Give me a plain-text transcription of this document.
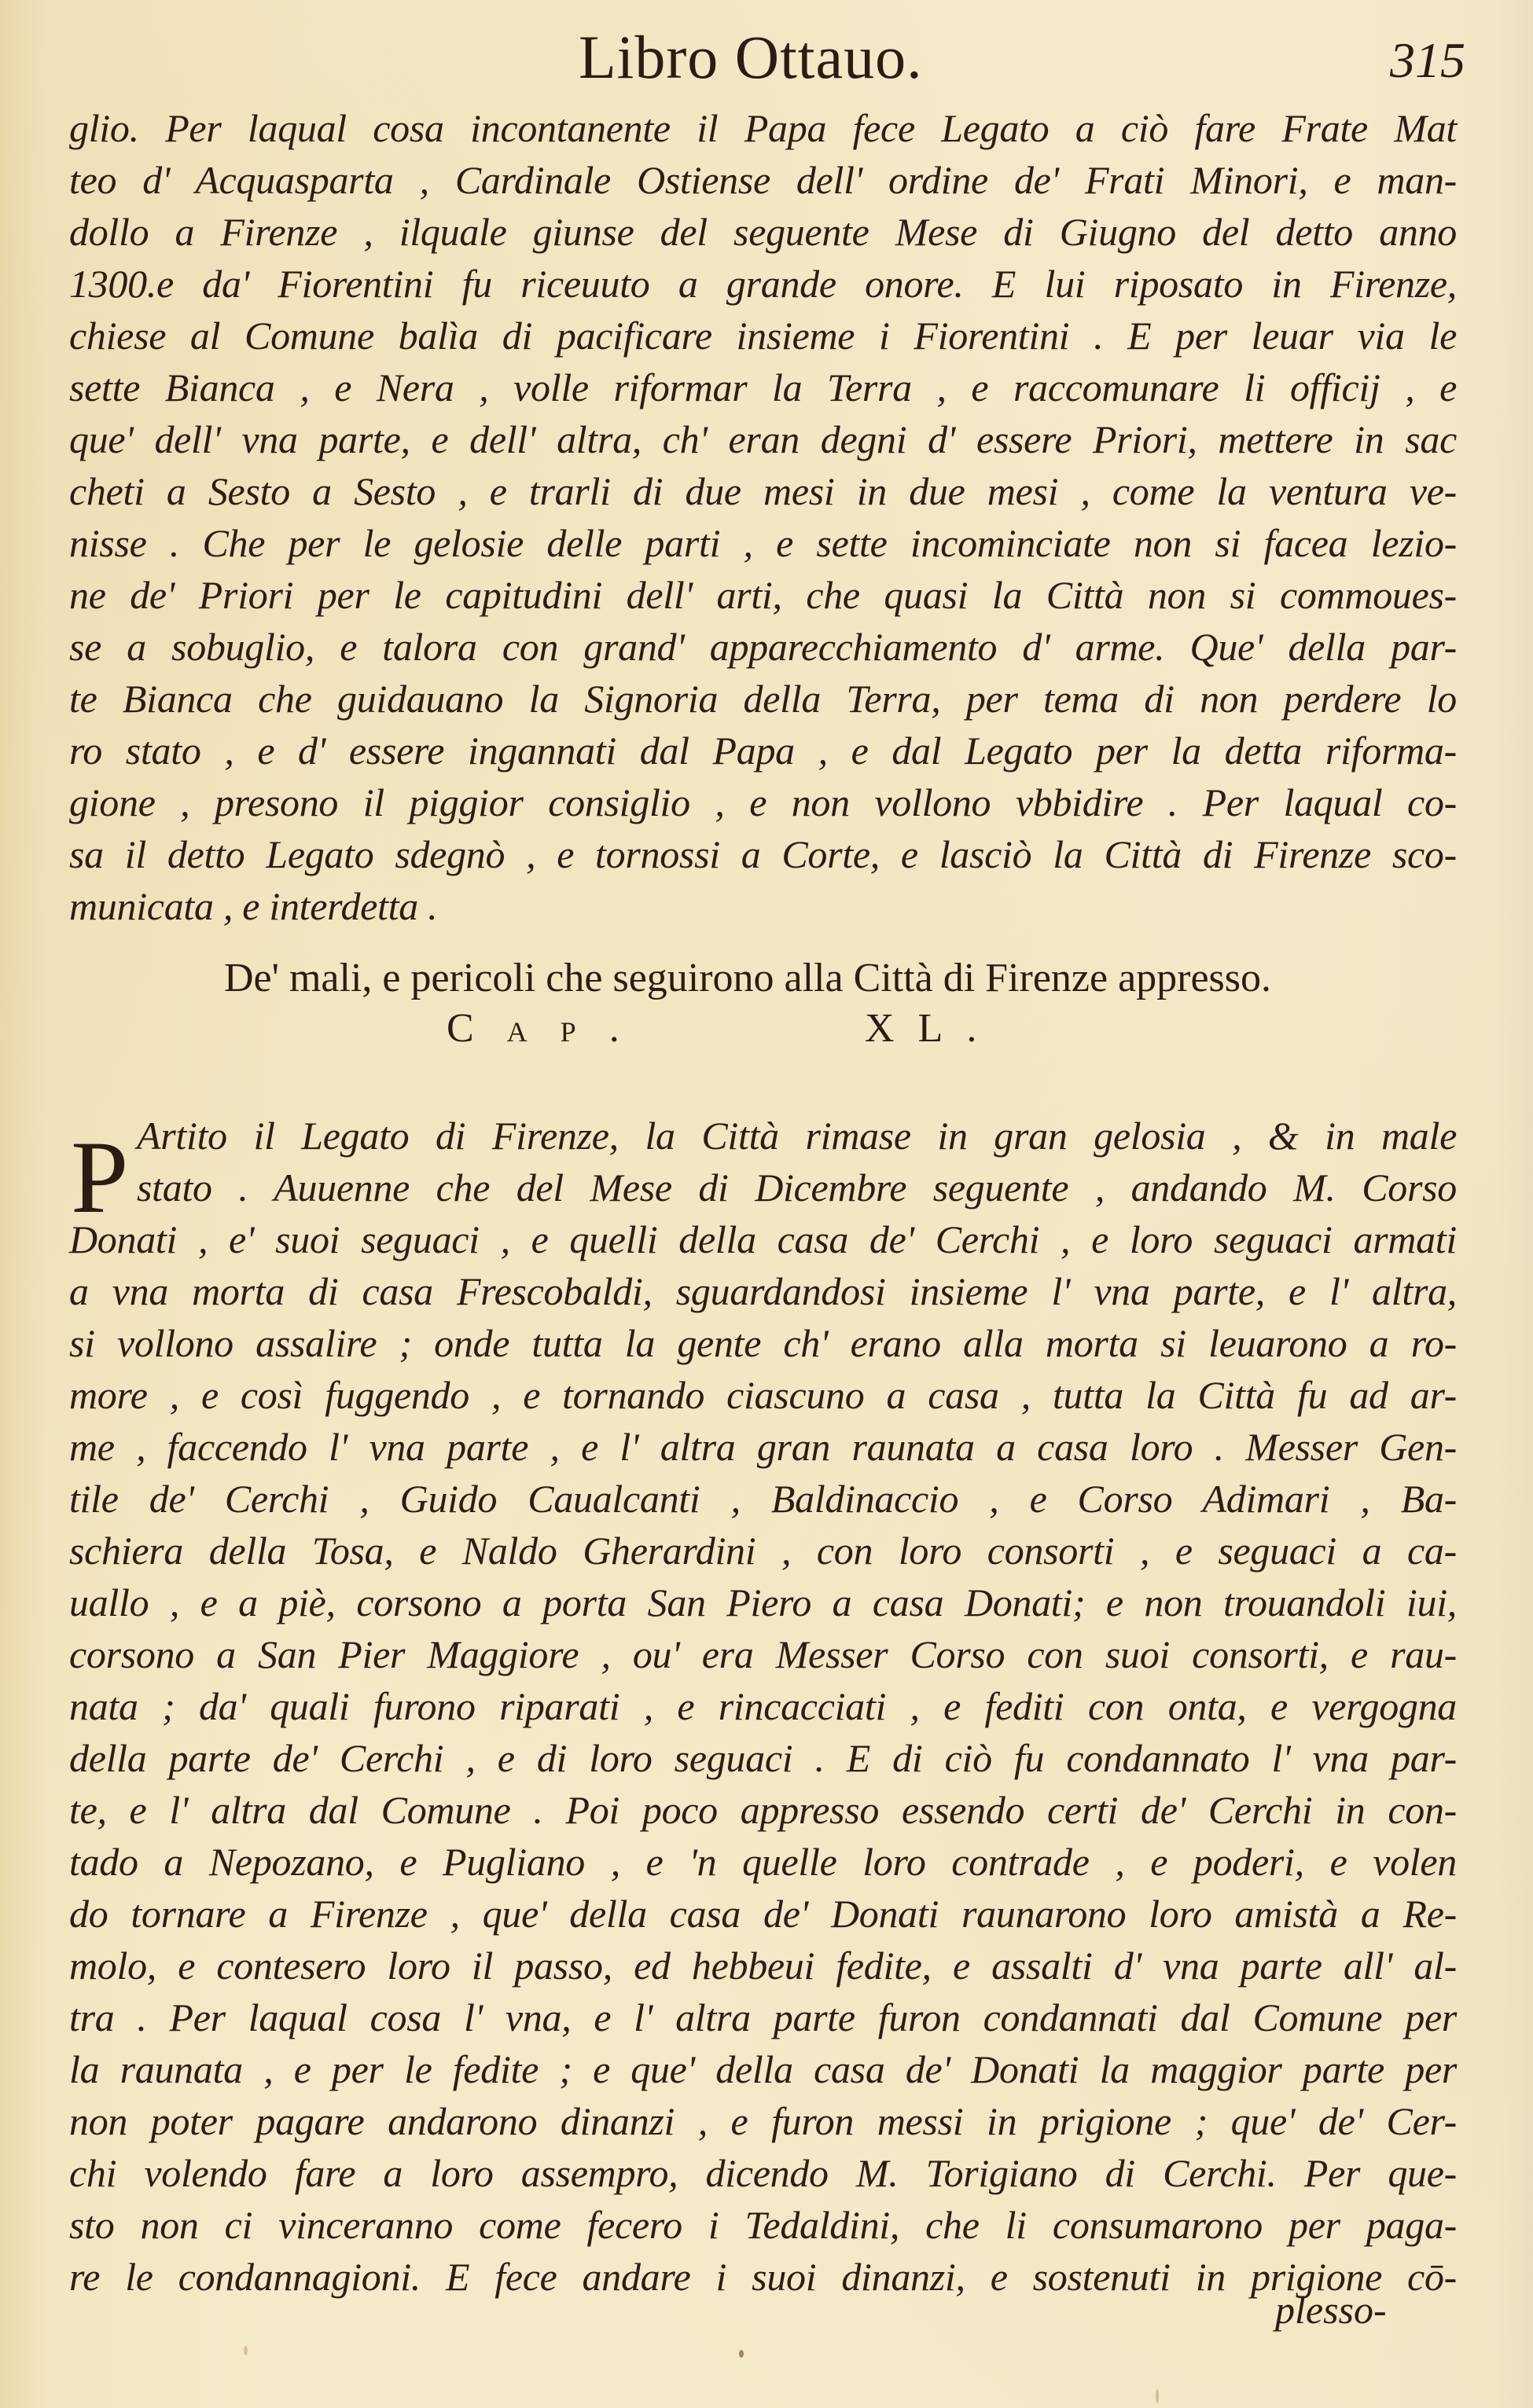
Libro Ottauo.	315
glio. Per laqual cosa incontanente il Papa fece Legato a ciò fare Frate Mat
teo d' Acquasparta , Cardinale Ostiense dell' ordine de' Frati Minori, e man-
dollo a Firenze , ilquale giunse del seguente Mese di Giugno del detto anno
1300.e da' Fiorentini fu riceuuto a grande onore. E lui riposato in Firenze,
chiese al Comune balìa di pacificare insieme i Fiorentini . E per leuar via le
sette Bianca , e Nera , volle riformar la Terra , e raccomunare li officij , e
que' dell' vna parte, e dell' altra, ch' eran degni d' essere Priori, mettere in sac
cheti a Sesto a Sesto , e trarli di due mesi in due mesi , come la ventura ve-
nisse . Che per le gelosie delle parti , e sette incominciate non si facea lezio-
ne de' Priori per le capitudini dell' arti, che quasi la Città non si commoues-
se a sobuglio, e talora con grand' apparecchiamento d' arme. Que' della par-
te Bianca che guidauano la Signoria della Terra, per tema di non perdere lo
ro stato , e d' essere ingannati dal Papa , e dal Legato per la detta riforma-
gione , presono il piggior consiglio , e non vollono vbbidire . Per laqual co-
sa il detto Legato sdegnò , e tornossi a Corte, e lasciò la Città di Firenze sco-
municata , e interdetta .
De' mali, e pericoli che seguirono alla Città di Firenze appresso.
Cap.	XL.
P Artito il Legato di Firenze, la Città rimase in gran gelosia , & in male
stato . Auuenne che del Mese di Dicembre seguente , andando M. Corso
Donati , e' suoi seguaci , e quelli della casa de' Cerchi , e loro seguaci armati
a vna morta di casa Frescobaldi, sguardandosi insieme l' vna parte, e l' altra,
si vollono assalire ; onde tutta la gente ch' erano alla morta si leuarono a ro-
more , e così fuggendo , e tornando ciascuno a casa , tutta la Città fu ad ar-
me , faccendo l' vna parte , e l' altra gran raunata a casa loro . Messer Gen-
tile de' Cerchi , Guido Caualcanti , Baldinaccio , e Corso Adimari , Ba-
schiera della Tosa, e Naldo Gherardini , con loro consorti , e seguaci a ca-
uallo , e a piè, corsono a porta San Piero a casa Donati; e non trouandoli iui,
corsono a San Pier Maggiore , ou' era Messer Corso con suoi consorti, e rau-
nata ; da' quali furono riparati , e rincacciati , e fediti con onta, e vergogna
della parte de' Cerchi , e di loro seguaci . E di ciò fu condannato l' vna par-
te, e l' altra dal Comune . Poi poco appresso essendo certi de' Cerchi in con-
tado a Nepozano, e Pugliano , e 'n quelle loro contrade , e poderi, e volen
do tornare a Firenze , que' della casa de' Donati raunarono loro amistà a Re-
molo, e contesero loro il passo, ed hebbeui fedite, e assalti d' vna parte all' al-
tra . Per laqual cosa l' vna, e l' altra parte furon condannati dal Comune per
la raunata , e per le fedite ; e que' della casa de' Donati la maggior parte per
non poter pagare andarono dinanzi , e furon messi in prigione ; que' de' Cer-
chi volendo fare a loro assempro, dicendo M. Torigiano di Cerchi. Per que-
sto non ci vinceranno come fecero i Tedaldini, che li consumarono per paga-
re le condannagioni. E fece andare i suoi dinanzi, e sostenuti in prigione cō-
plesso-
